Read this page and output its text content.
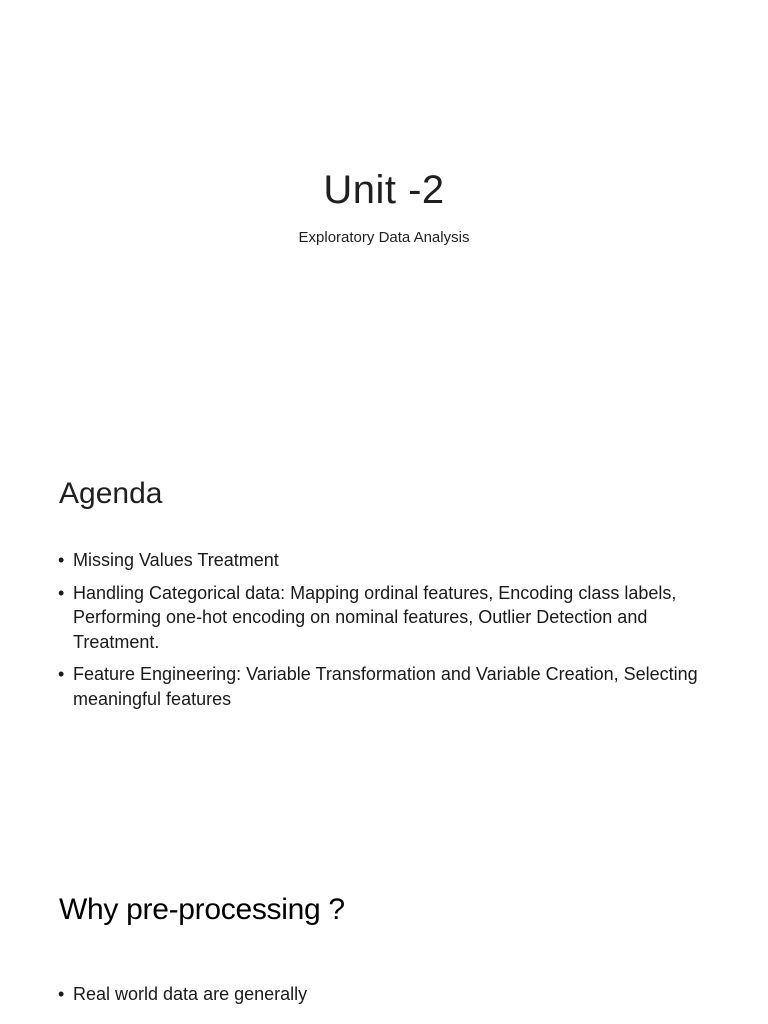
Unit -2
Exploratory Data Analysis
Agenda
• Missing Values Treatment
• Handling Categorical data: Mapping ordinal features, Encoding class labels, Performing one-hot encoding on nominal features, Outlier Detection and Treatment.
• Feature Engineering: Variable Transformation and Variable Creation, Selecting meaningful features
Why pre-processing ?
• Real world data are generally
